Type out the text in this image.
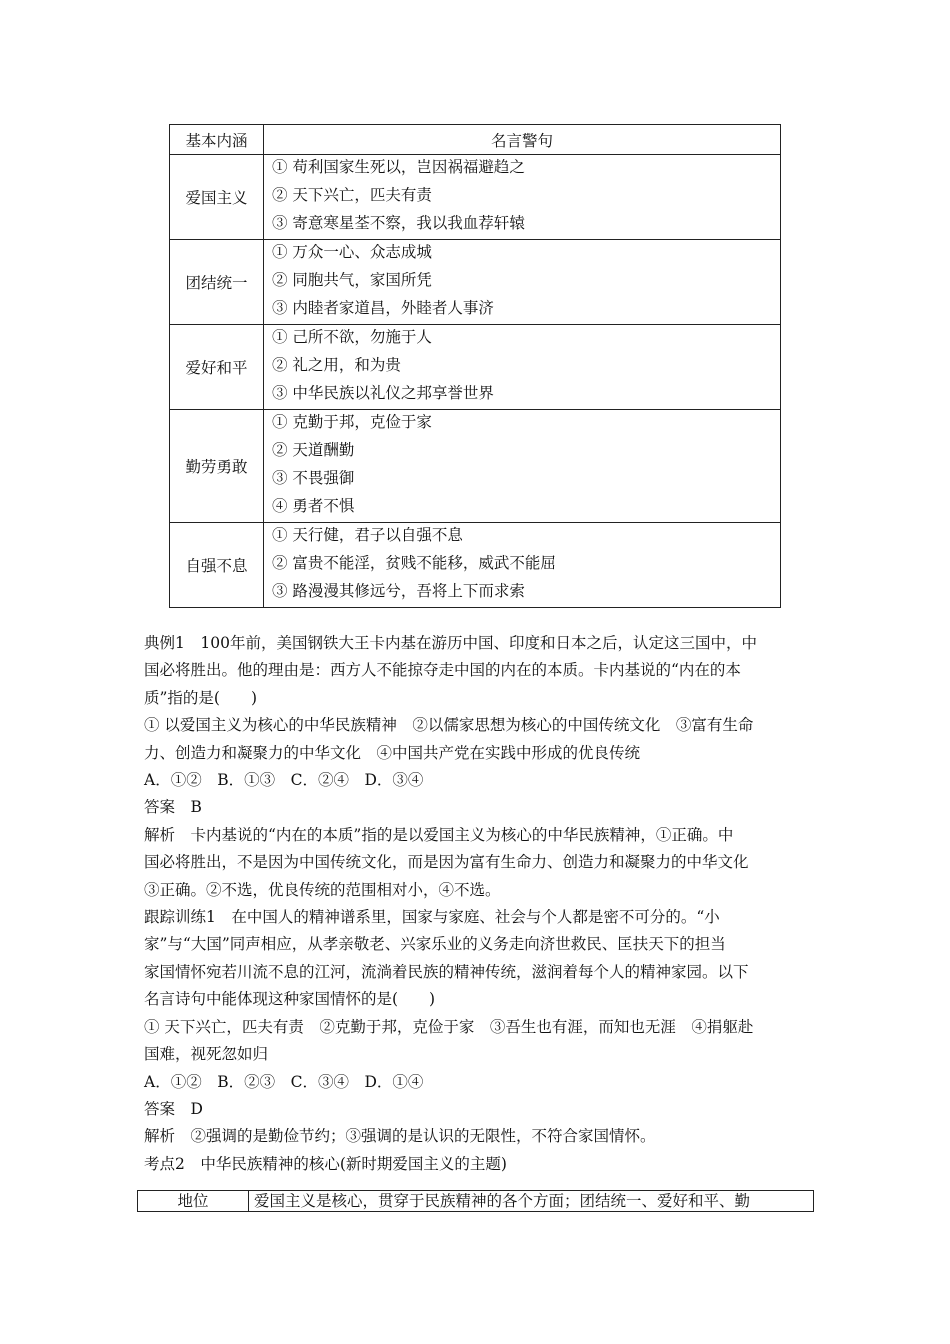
基本内涵	名言警句
爱国主义	① 苟利国家生死以，岂因祸福避趋之
② 天下兴亡，匹夫有责
③ 寄意寒星荃不察，我以我血荐轩辕

团结统一	① 万众一心、众志成城
② 同胞共气，家国所凭
③ 内睦者家道昌，外睦者人事济

爱好和平	① 己所不欲，勿施于人
② 礼之用，和为贵
③ 中华民族以礼仪之邦享誉世界

勤劳勇敢	① 克勤于邦，克俭于家
② 天道酬勤
③ 不畏强御
④ 勇者不惧

自强不息	① 天行健，君子以自强不息
② 富贵不能淫，贫贱不能移，威武不能屈
③ 路漫漫其修远兮，吾将上下而求索

典例1　100年前，美国钢铁大王卡内基在游历中国、印度和日本之后，认定这三国中，中

国必将胜出。他的理由是：西方人不能掠夺走中国的内在的本质。卡内基说的“内在的本

质”指的是(　　)

① 以爱国主义为核心的中华民族精神　②以儒家思想为核心的中国传统文化　③富有生命

力、创造力和凝聚力的中华文化　④中国共产党在实践中形成的优良传统

A．①②　B．①③　C．②④　D．③④

答案　B

解析　卡内基说的“内在的本质”指的是以爱国主义为核心的中华民族精神，①正确。中

国必将胜出，不是因为中国传统文化，而是因为富有生命力、创造力和凝聚力的中华文化

③正确。②不选，优良传统的范围相对小，④不选。

跟踪训练1　在中国人的精神谱系里，国家与家庭、社会与个人都是密不可分的。“小

家”与“大国”同声相应，从孝亲敬老、兴家乐业的义务走向济世救民、匡扶天下的担当

家国情怀宛若川流不息的江河，流淌着民族的精神传统，滋润着每个人的精神家园。以下

名言诗句中能体现这种家国情怀的是(　　)

① 天下兴亡，匹夫有责　②克勤于邦，克俭于家　③吾生也有涯，而知也无涯　④捐躯赴

国难，视死忽如归

A．①②　B．②③　C．③④　D．①④

答案　D

解析　②强调的是勤俭节约；③强调的是认识的无限性，不符合家国情怀。

考点2　中华民族精神的核心(新时期爱国主义的主题)

地位	爱国主义是核心，贯穿于民族精神的各个方面；团结统一、爱好和平、勤
